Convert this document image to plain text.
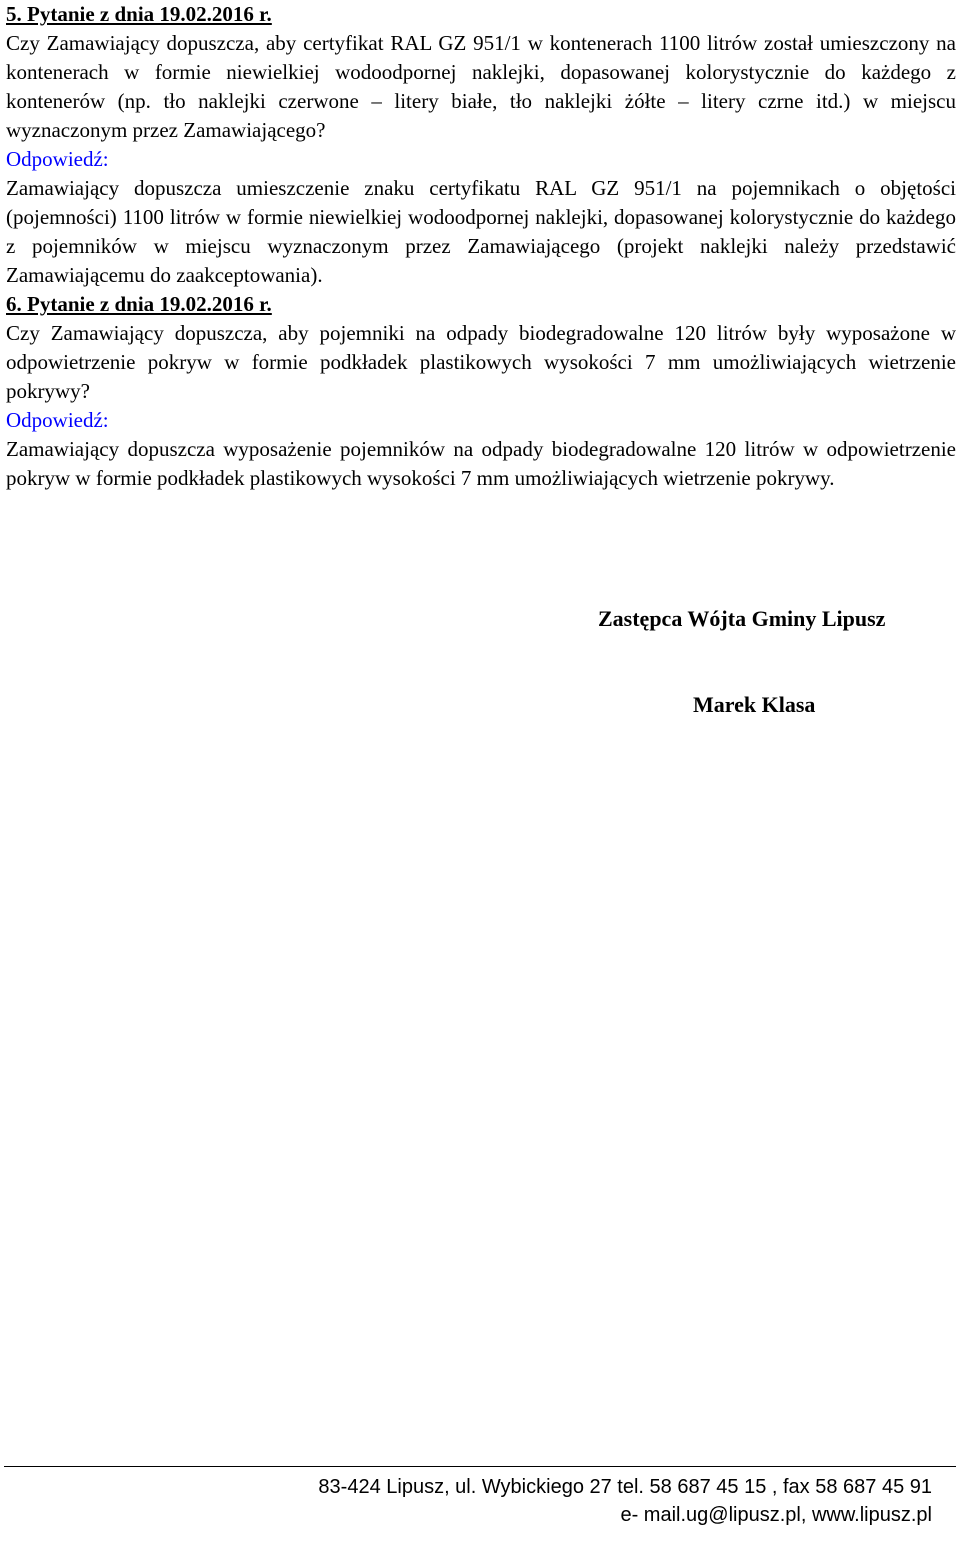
5. Pytanie z dnia 19.02.2016 r.

Czy Zamawiający dopuszcza, aby certyfikat RAL GZ 951/1 w kontenerach 1100 litrów został umieszczony na kontenerach w formie niewielkiej wodoodpornej naklejki, dopasowanej kolorystycznie do każdego z kontenerów (np. tło naklejki czerwone – litery białe, tło naklejki żółte – litery czrne itd.) w miejscu wyznaczonym przez Zamawiającego?

Odpowiedź:

Zamawiający dopuszcza umieszczenie znaku certyfikatu RAL GZ 951/1 na pojemnikach o objętości (pojemności) 1100 litrów w formie niewielkiej wodoodpornej naklejki, dopasowanej kolorystycznie do każdego z pojemników w miejscu wyznaczonym przez Zamawiającego (projekt naklejki należy przedstawić Zamawiającemu do zaakceptowania).

6. Pytanie z dnia 19.02.2016 r.

Czy Zamawiający dopuszcza, aby pojemniki na odpady biodegradowalne 120 litrów były wyposażone w odpowietrzenie pokryw w formie podkładek plastikowych wysokości 7 mm umożliwiających wietrzenie pokrywy?

Odpowiedź:

Zamawiający dopuszcza wyposażenie pojemników na odpady biodegradowalne 120 litrów w odpowietrzenie pokryw w formie podkładek plastikowych wysokości 7 mm umożliwiających wietrzenie pokrywy.

Zastępca Wójta Gminy Lipusz
Marek Klasa
83-424 Lipusz, ul. Wybickiego 27 tel. 58 687 45 15 , fax 58 687 45 91
e- mail.ug@lipusz.pl, www.lipusz.pl
